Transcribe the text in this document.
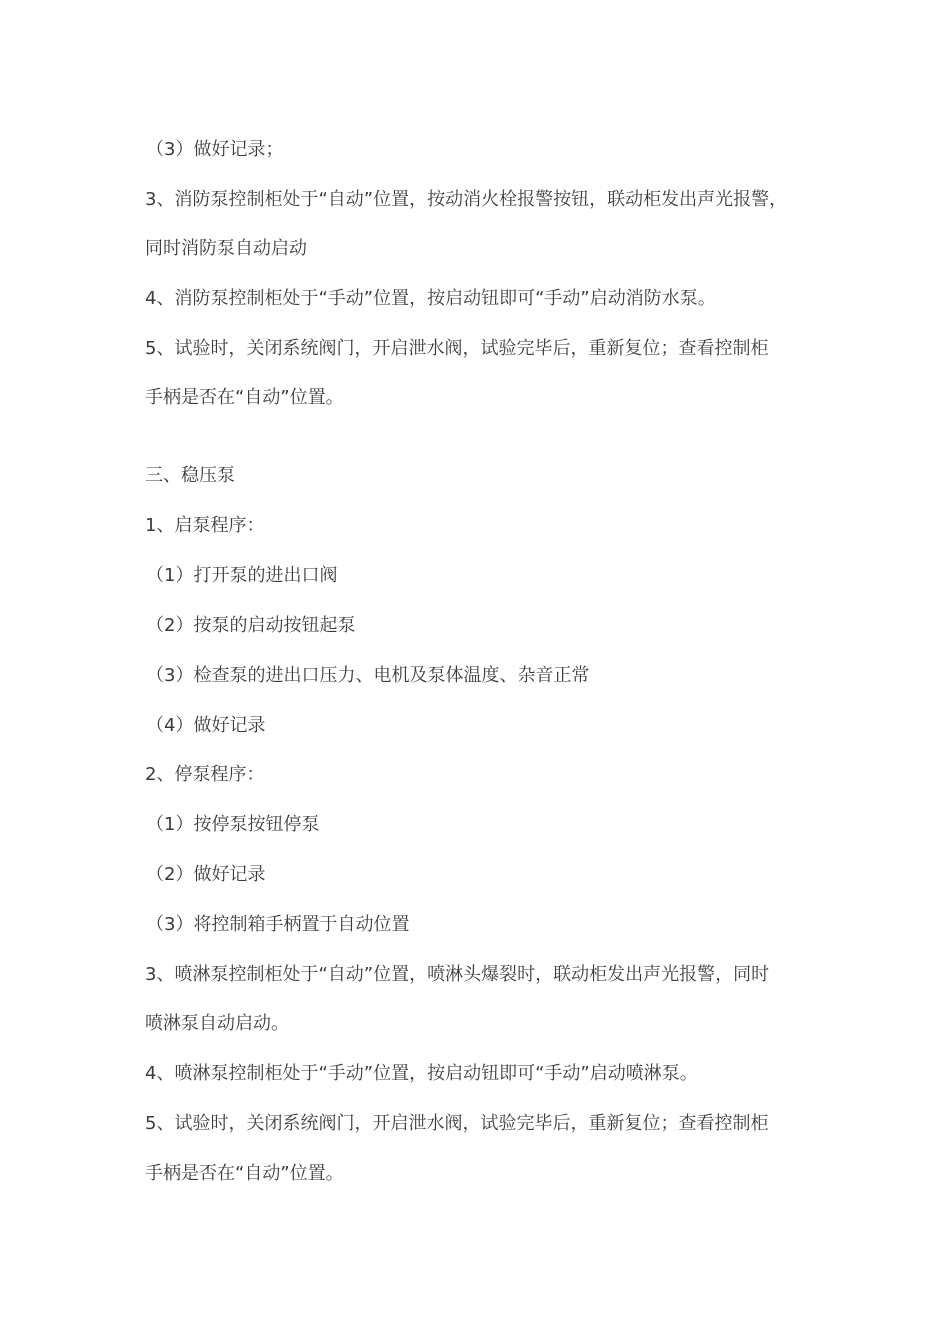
（3）做好记录；
3、消防泵控制柜处于“自动”位置，按动消火栓报警按钮，联动柜发出声光报警，
同时消防泵自动启动
4、消防泵控制柜处于“手动”位置，按启动钮即可“手动”启动消防水泵。
5、试验时，关闭系统阀门，开启泄水阀，试验完毕后，重新复位；查看控制柜
手柄是否在“自动”位置。
三、稳压泵
1、启泵程序：
（1）打开泵的进出口阀
（2）按泵的启动按钮起泵
（3）检查泵的进出口压力、电机及泵体温度、杂音正常
（4）做好记录
2、停泵程序：
（1）按停泵按钮停泵
（2）做好记录
（3）将控制箱手柄置于自动位置
3、喷淋泵控制柜处于“自动”位置，喷淋头爆裂时，联动柜发出声光报警，同时
喷淋泵自动启动。
4、喷淋泵控制柜处于“手动”位置，按启动钮即可“手动”启动喷淋泵。
5、试验时，关闭系统阀门，开启泄水阀，试验完毕后，重新复位；查看控制柜
手柄是否在“自动”位置。
